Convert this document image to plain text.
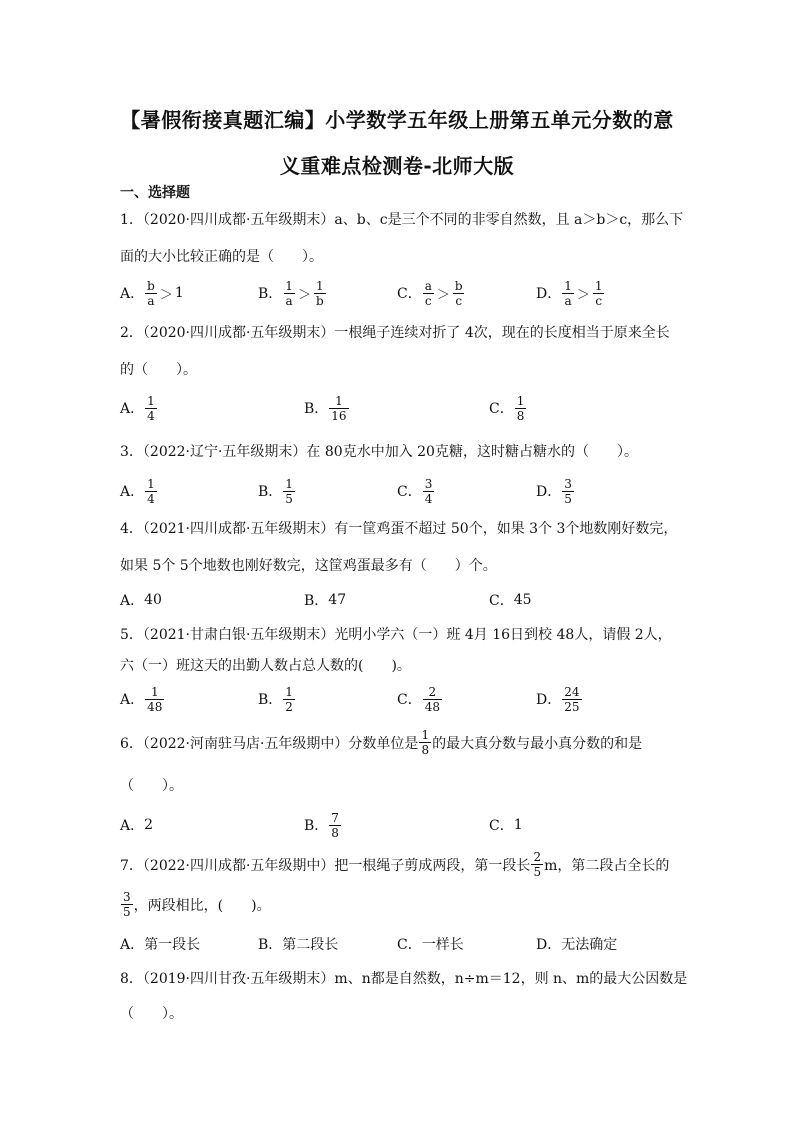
【暑假衔接真题汇编】小学数学五年级上册第五单元分数的意
义重难点检测卷-北师大版
一、选择题
1．（2020·四川成都·五年级期末）a、b、c是三个不同的非零自然数，且 a＞b＞c，那么下
面的大小比较正确的是（　　）。
A． $\frac{b}{a} > 1$	B． $\frac{1}{a} > \frac{1}{b}$	C． $\frac{a}{c} > \frac{b}{c}$	D． $\frac{1}{a} > \frac{1}{c}$
2．（2020·四川成都·五年级期末）一根绳子连续对折了 4次，现在的长度相当于原来全长
的（　　）。
A． $\frac{1}{4}$	B． $\frac{1}{16}$	C． $\frac{1}{8}$
3．（2022·辽宁·五年级期末）在 80克水中加入 20克糖，这时糖占糖水的（　　）。
A． $\frac{1}{4}$	B． $\frac{1}{5}$	C． $\frac{3}{4}$	D． $\frac{3}{5}$
4．（2021·四川成都·五年级期末）有一筐鸡蛋不超过 50个，如果 3个 3个地数刚好数完，
如果 5个 5个地数也刚好数完，这筐鸡蛋最多有（　　）个。
A． 40	B． 47	C． 45
5．（2021·甘肃白银·五年级期末）光明小学六（一）班 4月 16日到校 48人，请假 2人，
六（一）班这天的出勤人数占总人数的(　　)。
A． $\frac{1}{48}$	B． $\frac{1}{2}$	C． $\frac{2}{48}$	D． $\frac{24}{25}$
6．（2022·河南驻马店·五年级期中）分数单位是 $\frac{1}{8}$ 的最大真分数与最小真分数的和是
（　　）。
A． 2	B． $\frac{7}{8}$	C． 1
7．（2022·四川成都·五年级期中）把一根绳子剪成两段，第一段长 $\frac{2}{5}$ m，第二段占全长的
$\frac{3}{5}$ ，两段相比，(　　)。
A． 第一段长	B． 第二段长	C． 一样长	D． 无法确定
8．（2019·四川甘孜·五年级期末）m、n都是自然数，n÷m＝12，则 n、m的最大公因数是
（　　）。
